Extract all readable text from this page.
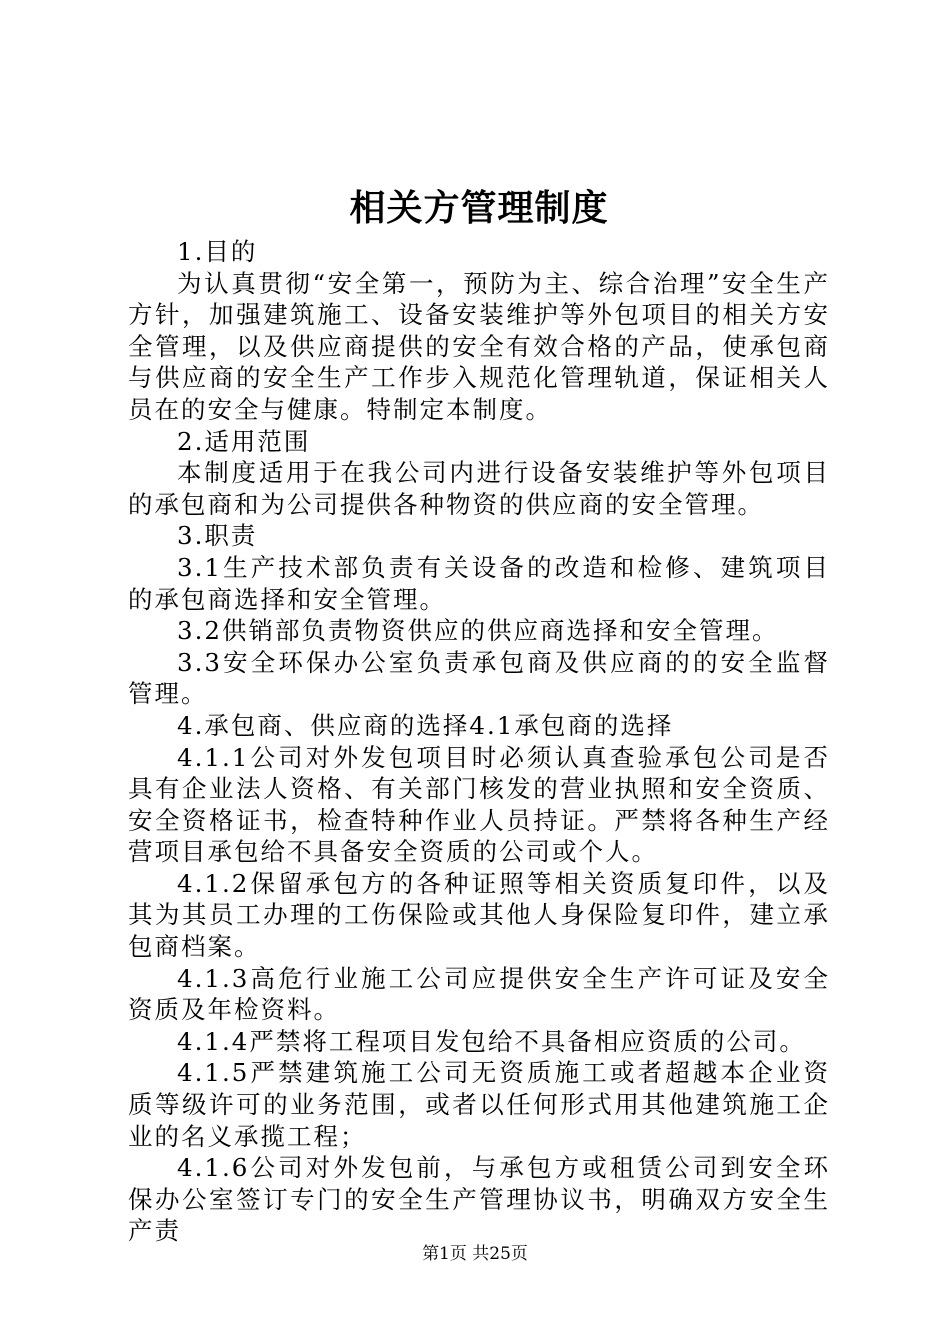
相关方管理制度

1.目的

为认真贯彻“安全第一，预防为主、综合治理”安全生产方针，加强建筑施工、设备安装维护等外包项目的相关方安全管理，以及供应商提供的安全有效合格的产品，使承包商与供应商的安全生产工作步入规范化管理轨道，保证相关人员在的安全与健康。特制定本制度。

2.适用范围

本制度适用于在我公司内进行设备安装维护等外包项目的承包商和为公司提供各种物资的供应商的安全管理。

3.职责

3.1生产技术部负责有关设备的改造和检修、建筑项目的承包商选择和安全管理。

3.2供销部负责物资供应的供应商选择和安全管理。

3.3安全环保办公室负责承包商及供应商的的安全监督管理。

4.承包商、供应商的选择4.1承包商的选择

4.1.1公司对外发包项目时必须认真查验承包公司是否具有企业法人资格、有关部门核发的营业执照和安全资质、安全资格证书，检查特种作业人员持证。严禁将各种生产经营项目承包给不具备安全资质的公司或个人。

4.1.2保留承包方的各种证照等相关资质复印件，以及其为其员工办理的工伤保险或其他人身保险复印件，建立承包商档案。

4.1.3高危行业施工公司应提供安全生产许可证及安全资质及年检资料。

4.1.4严禁将工程项目发包给不具备相应资质的公司。

4.1.5严禁建筑施工公司无资质施工或者超越本企业资质等级许可的业务范围，或者以任何形式用其他建筑施工企业的名义承揽工程；

4.1.6公司对外发包前，与承包方或租赁公司到安全环保办公室签订专门的安全生产管理协议书，明确双方安全生产责

第1页 共25页
